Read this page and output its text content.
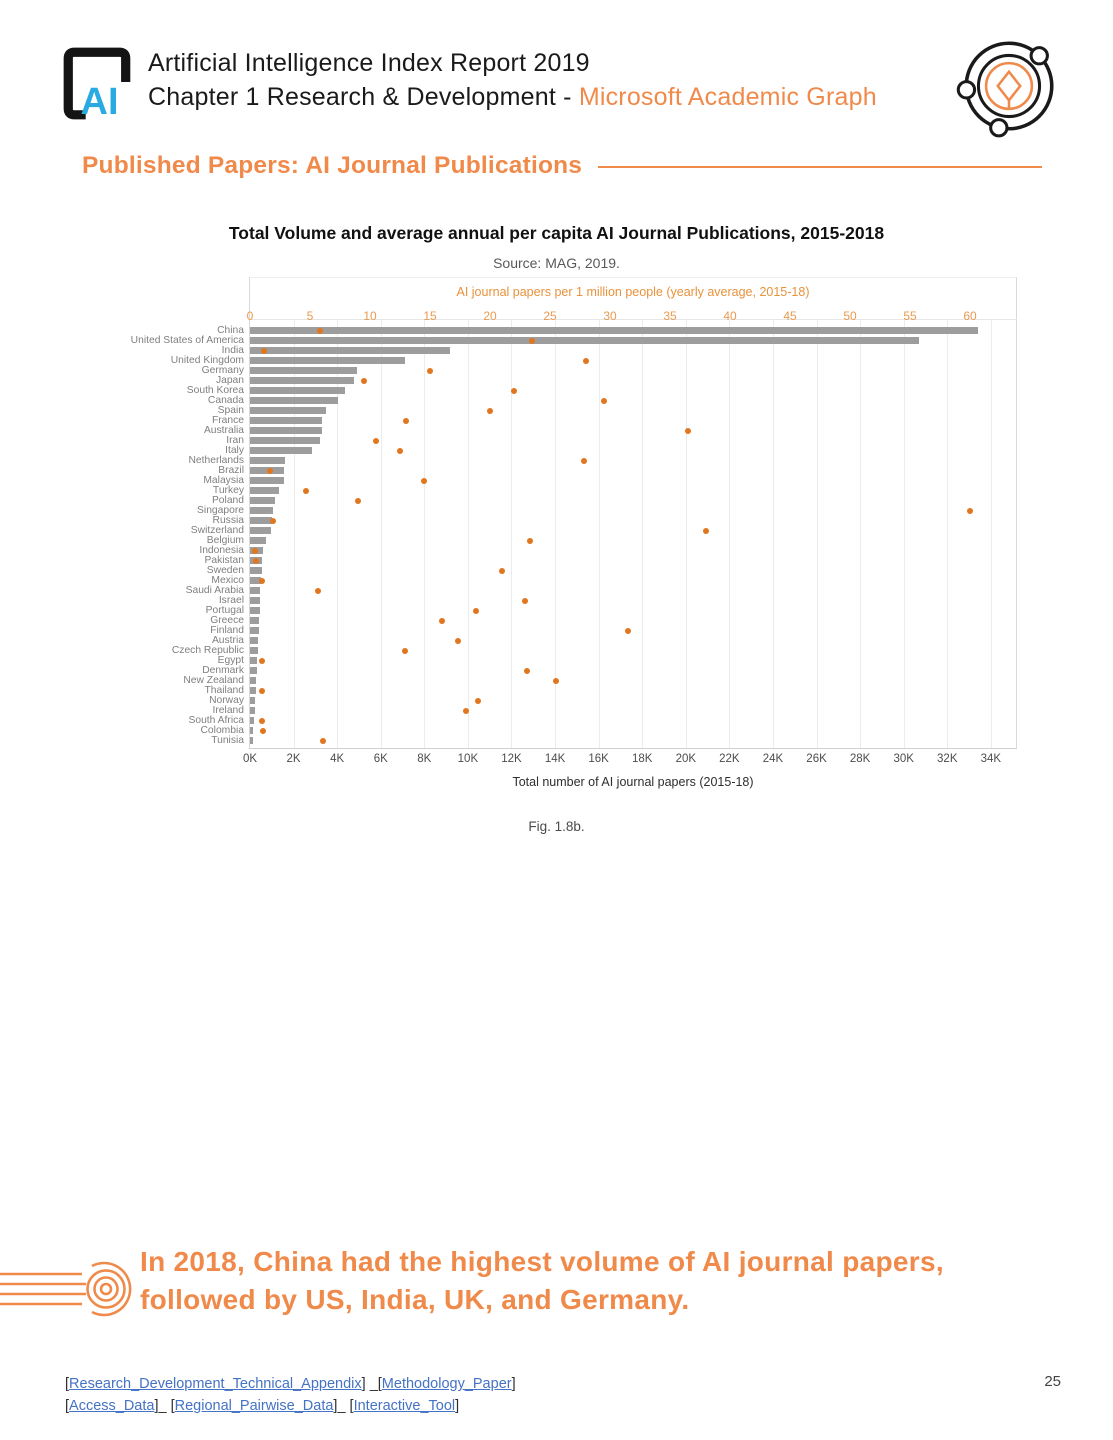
AI
Artificial Intelligence Index Report 2019
Chapter 1 Research & Development - Microsoft Academic Graph
Published Papers: AI Journal Publications
Total Volume and average annual per capita AI Journal Publications, 2015-2018
Source: MAG, 2019.
AI journal papers per 1 million people (yearly average, 2015-18)
0	5	10	15	20	25	30	35	40	45	50	55	60
0K	2K	4K	6K	8K 10K 12K 14K 16K 18K 20K 22K 24K 26K 28K 30K 32K 34K
China
United States of America
India
United Kingdom
Germany
Japan
South Korea
Canada
Spain
France
Australia
Iran
Italy
Netherlands
Brazil
Malaysia
Turkey
Poland
Singapore
Russia
Switzerland
Belgium
Indonesia
Pakistan
Sweden
Mexico
Saudi Arabia
Israel
Portugal
Greece
Finland
Austria
Czech Republic
Egypt
Denmark
New Zealand
Thailand
Norway
Ireland
South Africa
Colombia
Tunisia
Total number of AI journal papers (2015-18)
Fig. 1.8b.
In 2018, China had the highest volume of AI journal papers,
followed by US, India, UK, and Germany.
[Research_Development_Technical_Appendix] _[Methodology_Paper]
[Access_Data]_ [Regional_Pairwise_Data]_ [Interactive_Tool]
25
